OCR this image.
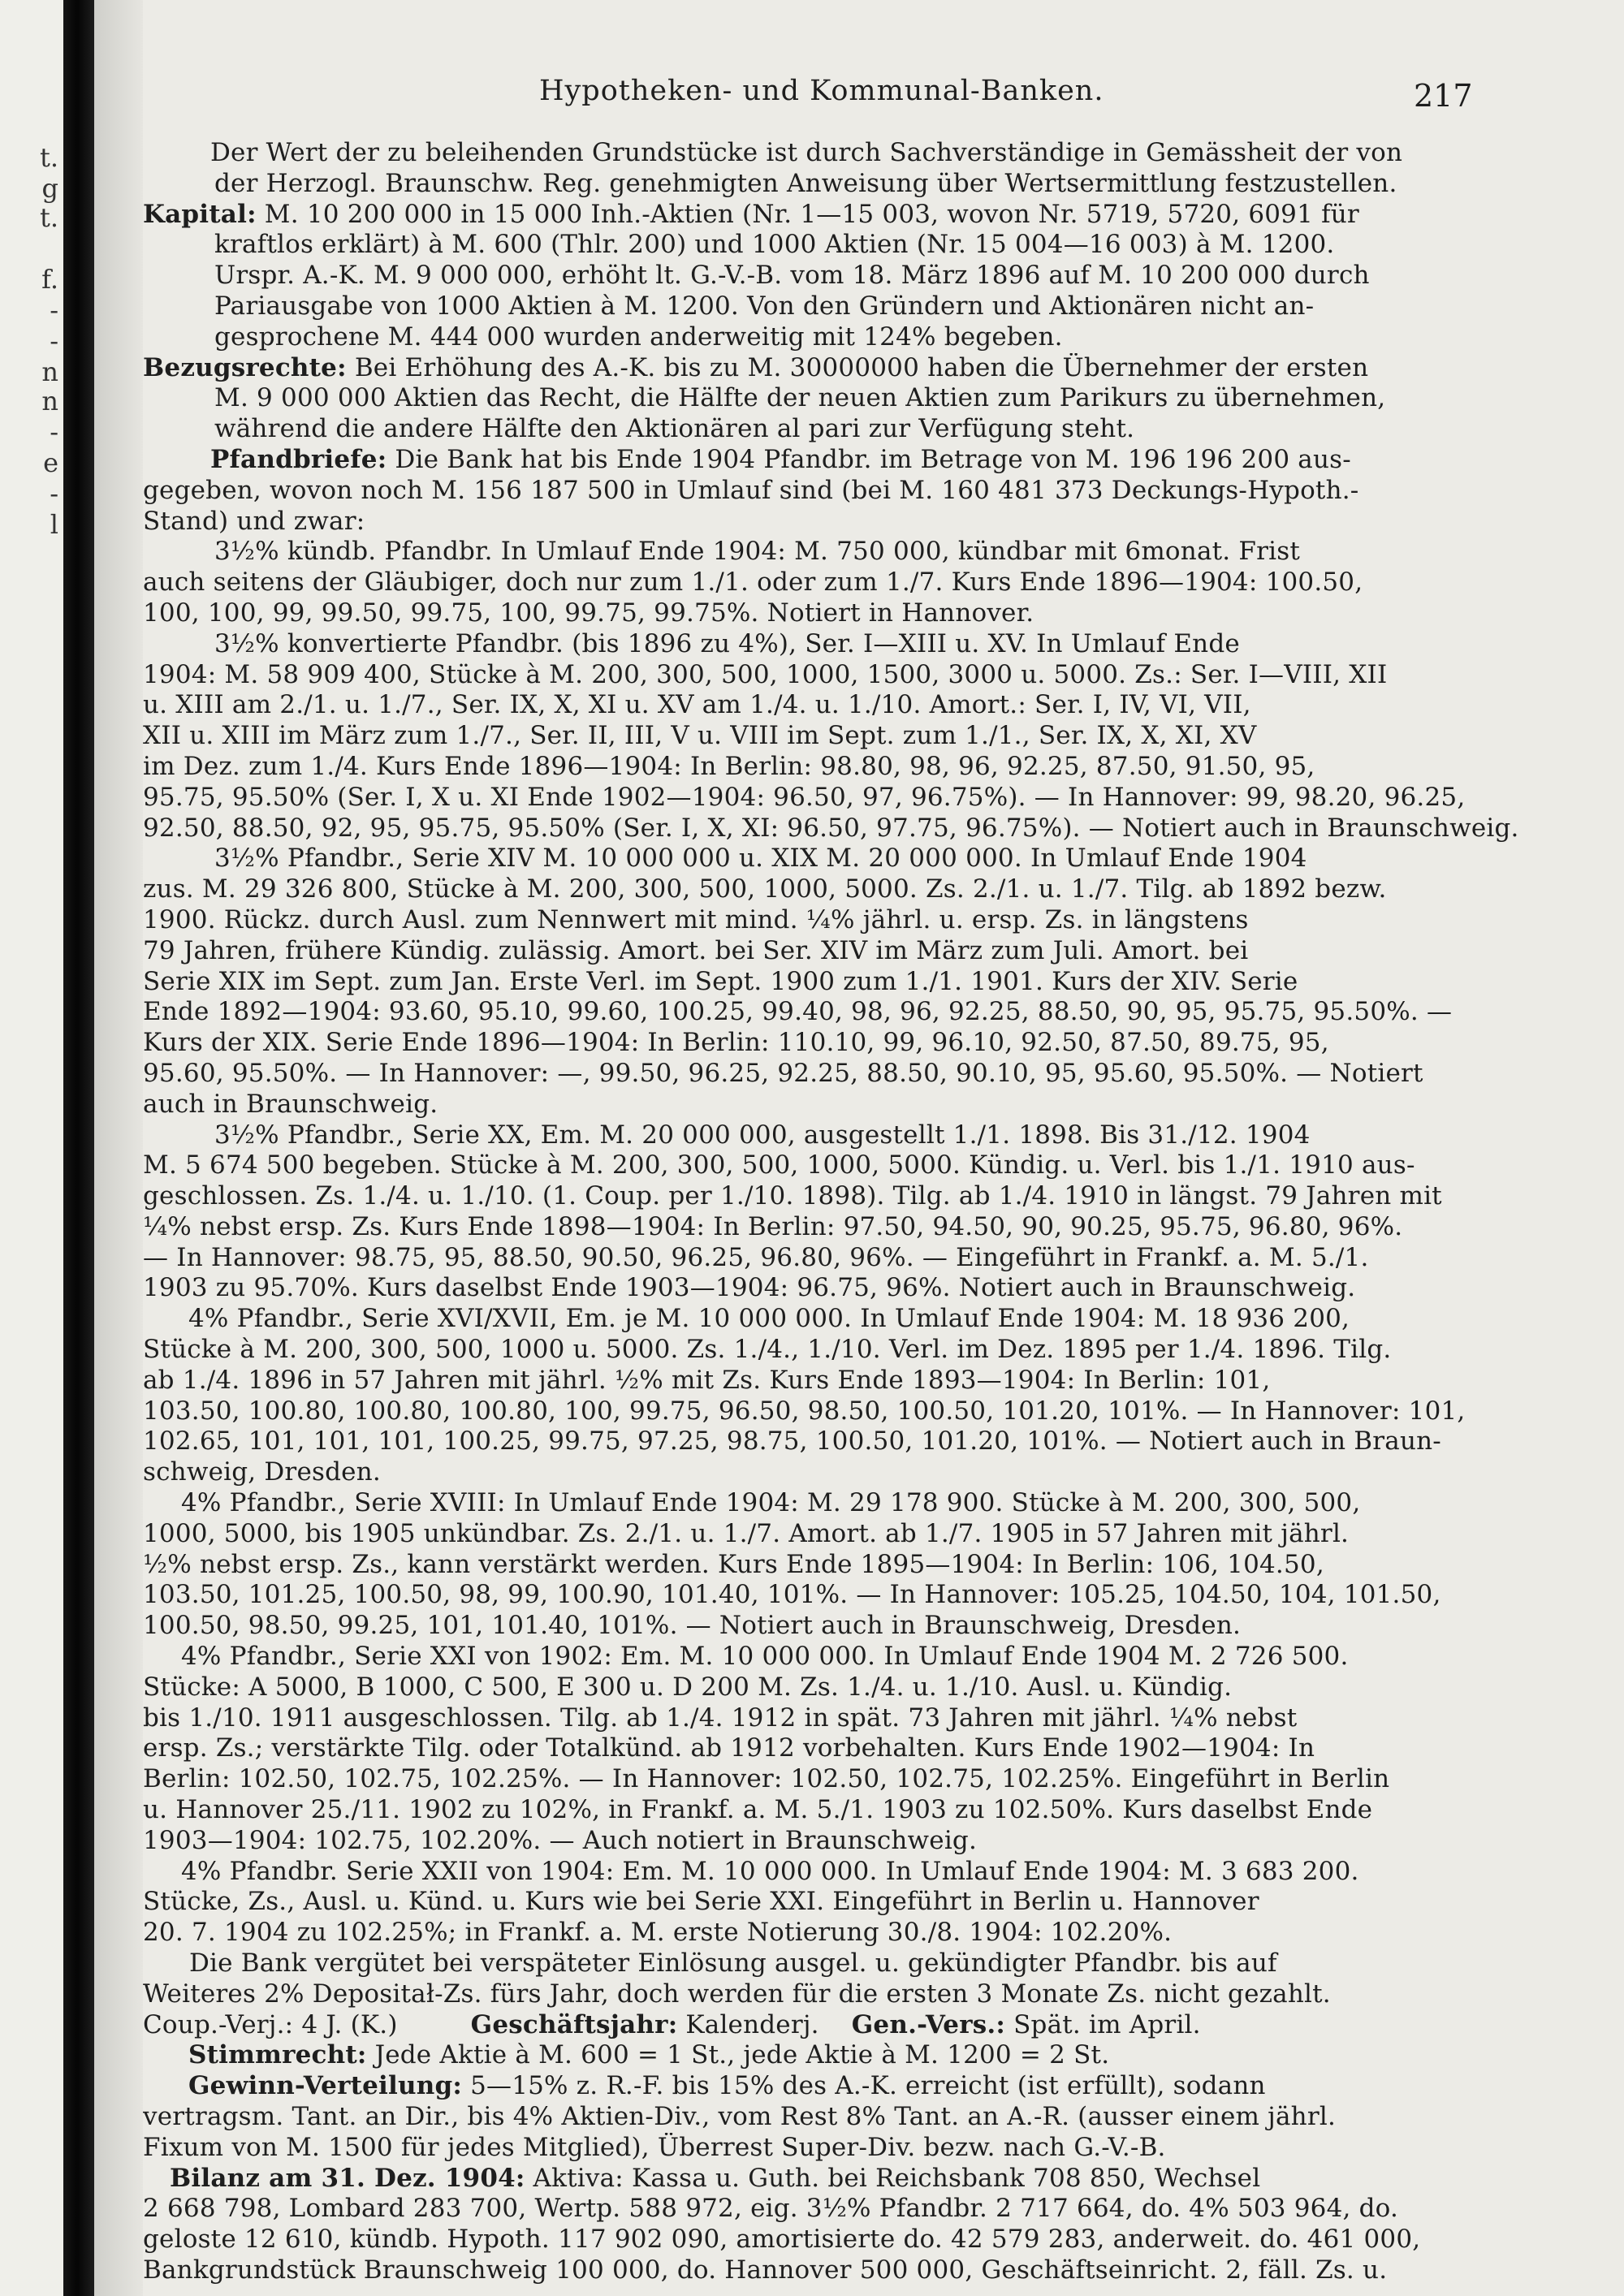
t.
g
t.
f.
-
-
n
n
-
e
-
l
Hypotheken- und Kommunal-Banken.	217
Der Wert der zu beleihenden Grundstücke ist durch Sachverständige in Gemässheit der von
der Herzogl. Braunschw. Reg. genehmigten Anweisung über Wertsermittlung festzustellen.
Kapital: M. 10 200 000 in 15 000 Inh.-Aktien (Nr. 1—15 003, wovon Nr. 5719, 5720, 6091 für
kraftlos erklärt) à M. 600 (Thlr. 200) und 1000 Aktien (Nr. 15 004—16 003) à M. 1200.
Urspr. A.-K. M. 9 000 000, erhöht lt. G.-V.-B. vom 18. März 1896 auf M. 10 200 000 durch
Pariausgabe von 1000 Aktien à M. 1200. Von den Gründern und Aktionären nicht an-
gesprochene M. 444 000 wurden anderweitig mit 124% begeben.
Bezugsrechte: Bei Erhöhung des A.-K. bis zu M. 30000000 haben die Übernehmer der ersten
M. 9 000 000 Aktien das Recht, die Hälfte der neuen Aktien zum Parikurs zu übernehmen,
während die andere Hälfte den Aktionären al pari zur Verfügung steht.
Pfandbriefe: Die Bank hat bis Ende 1904 Pfandbr. im Betrage von M. 196 196 200 aus-
gegeben, wovon noch M. 156 187 500 in Umlauf sind (bei M. 160 481 373 Deckungs-Hypoth.-
Stand) und zwar:
3½% kündb. Pfandbr. In Umlauf Ende 1904: M. 750 000, kündbar mit 6monat. Frist
auch seitens der Gläubiger, doch nur zum 1./1. oder zum 1./7. Kurs Ende 1896—1904: 100.50,
100, 100, 99, 99.50, 99.75, 100, 99.75, 99.75%. Notiert in Hannover.
3½% konvertierte Pfandbr. (bis 1896 zu 4%), Ser. I—XIII u. XV. In Umlauf Ende
1904: M. 58 909 400, Stücke à M. 200, 300, 500, 1000, 1500, 3000 u. 5000. Zs.: Ser. I—VIII, XII
u. XIII am 2./1. u. 1./7., Ser. IX, X, XI u. XV am 1./4. u. 1./10. Amort.: Ser. I, IV, VI, VII,
XII u. XIII im März zum 1./7., Ser. II, III, V u. VIII im Sept. zum 1./1., Ser. IX, X, XI, XV
im Dez. zum 1./4. Kurs Ende 1896—1904: In Berlin: 98.80, 98, 96, 92.25, 87.50, 91.50, 95,
95.75, 95.50% (Ser. I, X u. XI Ende 1902—1904: 96.50, 97, 96.75%). — In Hannover: 99, 98.20, 96.25,
92.50, 88.50, 92, 95, 95.75, 95.50% (Ser. I, X, XI: 96.50, 97.75, 96.75%). — Notiert auch in Braunschweig.
3½% Pfandbr., Serie XIV M. 10 000 000 u. XIX M. 20 000 000. In Umlauf Ende 1904
zus. M. 29 326 800, Stücke à M. 200, 300, 500, 1000, 5000. Zs. 2./1. u. 1./7. Tilg. ab 1892 bezw.
1900. Rückz. durch Ausl. zum Nennwert mit mind. ¼% jährl. u. ersp. Zs. in längstens
79 Jahren, frühere Kündig. zulässig. Amort. bei Ser. XIV im März zum Juli. Amort. bei
Serie XIX im Sept. zum Jan. Erste Verl. im Sept. 1900 zum 1./1. 1901. Kurs der XIV. Serie
Ende 1892—1904: 93.60, 95.10, 99.60, 100.25, 99.40, 98, 96, 92.25, 88.50, 90, 95, 95.75, 95.50%. —
Kurs der XIX. Serie Ende 1896—1904: In Berlin: 110.10, 99, 96.10, 92.50, 87.50, 89.75, 95,
95.60, 95.50%. — In Hannover: —, 99.50, 96.25, 92.25, 88.50, 90.10, 95, 95.60, 95.50%. — Notiert
auch in Braunschweig.
3½% Pfandbr., Serie XX, Em. M. 20 000 000, ausgestellt 1./1. 1898. Bis 31./12. 1904
M. 5 674 500 begeben. Stücke à M. 200, 300, 500, 1000, 5000. Kündig. u. Verl. bis 1./1. 1910 aus-
geschlossen. Zs. 1./4. u. 1./10. (1. Coup. per 1./10. 1898). Tilg. ab 1./4. 1910 in längst. 79 Jahren mit
¼% nebst ersp. Zs. Kurs Ende 1898—1904: In Berlin: 97.50, 94.50, 90, 90.25, 95.75, 96.80, 96%.
— In Hannover: 98.75, 95, 88.50, 90.50, 96.25, 96.80, 96%. — Eingeführt in Frankf. a. M. 5./1.
1903 zu 95.70%. Kurs daselbst Ende 1903—1904: 96.75, 96%. Notiert auch in Braunschweig.
4% Pfandbr., Serie XVI/XVII, Em. je M. 10 000 000. In Umlauf Ende 1904: M. 18 936 200,
Stücke à M. 200, 300, 500, 1000 u. 5000. Zs. 1./4., 1./10. Verl. im Dez. 1895 per 1./4. 1896. Tilg.
ab 1./4. 1896 in 57 Jahren mit jährl. ½% mit Zs. Kurs Ende 1893—1904: In Berlin: 101,
103.50, 100.80, 100.80, 100.80, 100, 99.75, 96.50, 98.50, 100.50, 101.20, 101%. — In Hannover: 101,
102.65, 101, 101, 101, 100.25, 99.75, 97.25, 98.75, 100.50, 101.20, 101%. — Notiert auch in Braun-
schweig, Dresden.
4% Pfandbr., Serie XVIII: In Umlauf Ende 1904: M. 29 178 900. Stücke à M. 200, 300, 500,
1000, 5000, bis 1905 unkündbar. Zs. 2./1. u. 1./7. Amort. ab 1./7. 1905 in 57 Jahren mit jährl.
½% nebst ersp. Zs., kann verstärkt werden. Kurs Ende 1895—1904: In Berlin: 106, 104.50,
103.50, 101.25, 100.50, 98, 99, 100.90, 101.40, 101%. — In Hannover: 105.25, 104.50, 104, 101.50,
100.50, 98.50, 99.25, 101, 101.40, 101%. — Notiert auch in Braunschweig, Dresden.
4% Pfandbr., Serie XXI von 1902: Em. M. 10 000 000. In Umlauf Ende 1904 M. 2 726 500.
Stücke: A 5000, B 1000, C 500, E 300 u. D 200 M. Zs. 1./4. u. 1./10. Ausl. u. Kündig.
bis 1./10. 1911 ausgeschlossen. Tilg. ab 1./4. 1912 in spät. 73 Jahren mit jährl. ¼% nebst
ersp. Zs.; verstärkte Tilg. oder Totalkünd. ab 1912 vorbehalten. Kurs Ende 1902—1904: In
Berlin: 102.50, 102.75, 102.25%. — In Hannover: 102.50, 102.75, 102.25%. Eingeführt in Berlin
u. Hannover 25./11. 1902 zu 102%, in Frankf. a. M. 5./1. 1903 zu 102.50%. Kurs daselbst Ende
1903—1904: 102.75, 102.20%. — Auch notiert in Braunschweig.
4% Pfandbr. Serie XXII von 1904: Em. M. 10 000 000. In Umlauf Ende 1904: M. 3 683 200.
Stücke, Zs., Ausl. u. Künd. u. Kurs wie bei Serie XXI. Eingeführt in Berlin u. Hannover
20. 7. 1904 zu 102.25%; in Frankf. a. M. erste Notierung 30./8. 1904: 102.20%.
Die Bank vergütet bei verspäteter Einlösung ausgel. u. gekündigter Pfandbr. bis auf
Weiteres 2% Depositał-Zs. fürs Jahr, doch werden für die ersten 3 Monate Zs. nicht gezahlt.
Coup.-Verj.: 4 J. (K.)	Geschäftsjahr: Kalenderj. Gen.-Vers.: Spät. im April.
Stimmrecht: Jede Aktie à M. 600 = 1 St., jede Aktie à M. 1200 = 2 St.
Gewinn-Verteilung: 5—15% z. R.-F. bis 15% des A.-K. erreicht (ist erfüllt), sodann
vertragsm. Tant. an Dir., bis 4% Aktien-Div., vom Rest 8% Tant. an A.-R. (ausser einem jährl.
Fixum von M. 1500 für jedes Mitglied), Überrest Super-Div. bezw. nach G.-V.-B.
Bilanz am 31. Dez. 1904: Aktiva: Kassa u. Guth. bei Reichsbank 708 850, Wechsel
2 668 798, Lombard 283 700, Wertp. 588 972, eig. 3½% Pfandbr. 2 717 664, do. 4% 503 964, do.
geloste 12 610, kündb. Hypoth. 117 902 090, amortisierte do. 42 579 283, anderweit. do. 461 000,
Bankgrundstück Braunschweig 100 000, do. Hannover 500 000, Geschäftseinricht. 2, fäll. Zs. u.
